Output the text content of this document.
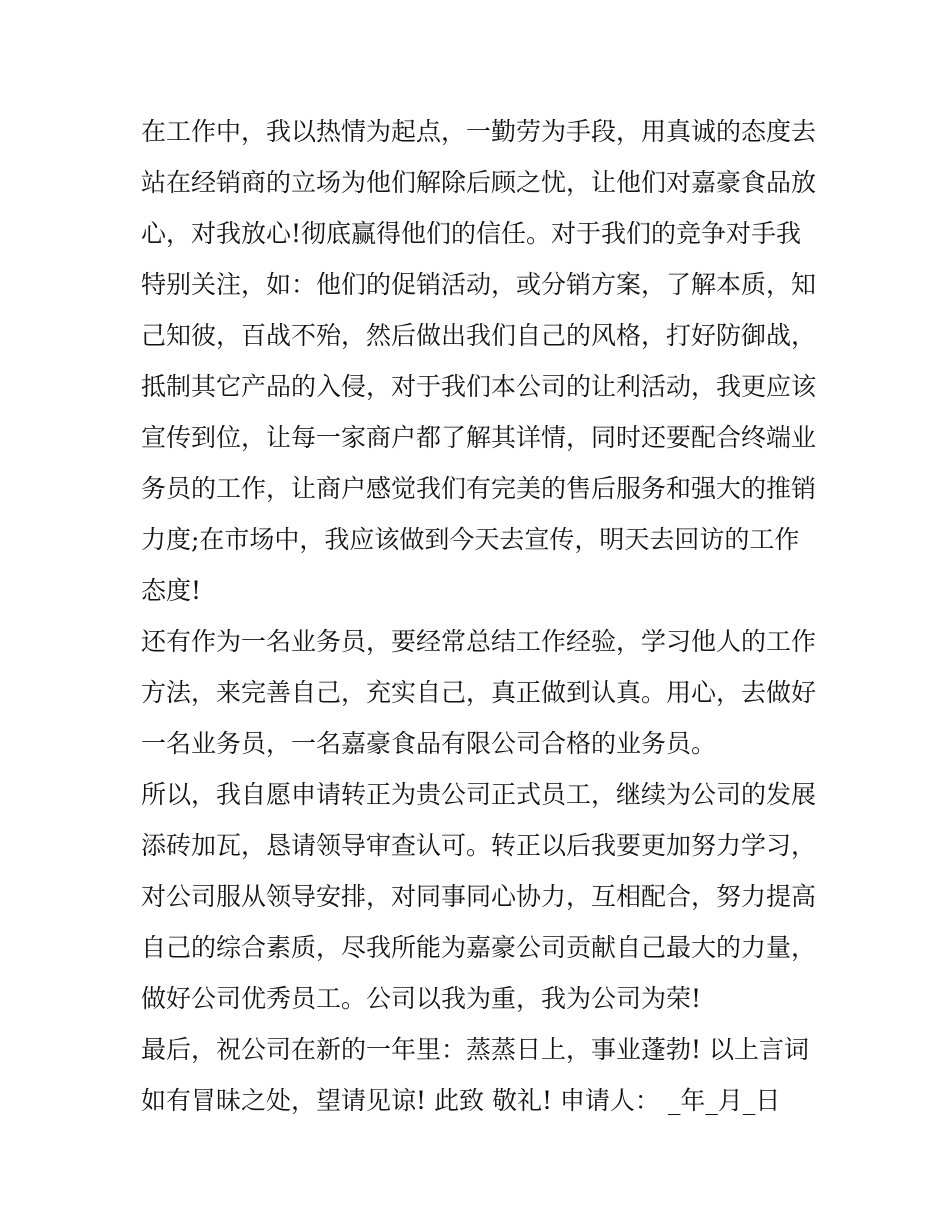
在工作中，我以热情为起点，一勤劳为手段，用真诚的态度去
站在经销商的立场为他们解除后顾之忧，让他们对嘉豪食品放
心，对我放心!彻底赢得他们的信任。对于我们的竞争对手我
特别关注，如：他们的促销活动，或分销方案，了解本质，知
己知彼，百战不殆，然后做出我们自己的风格，打好防御战，
抵制其它产品的入侵，对于我们本公司的让利活动，我更应该
宣传到位，让每一家商户都了解其详情，同时还要配合终端业
务员的工作，让商户感觉我们有完美的售后服务和强大的推销
力度;在市场中，我应该做到今天去宣传，明天去回访的工作
态度!
还有作为一名业务员，要经常总结工作经验，学习他人的工作
方法，来完善自己，充实自己，真正做到认真。用心，去做好
一名业务员，一名嘉豪食品有限公司合格的业务员。
所以，我自愿申请转正为贵公司正式员工，继续为公司的发展
添砖加瓦，恳请领导审查认可。转正以后我要更加努力学习，
对公司服从领导安排，对同事同心协力，互相配合，努力提高
自己的综合素质，尽我所能为嘉豪公司贡献自己最大的力量，
做好公司优秀员工。公司以我为重，我为公司为荣!
最后，祝公司在新的一年里：蒸蒸日上，事业蓬勃! 以上言词
如有冒昧之处，望请见谅! 此致 敬礼! 申请人： _年_月_日
